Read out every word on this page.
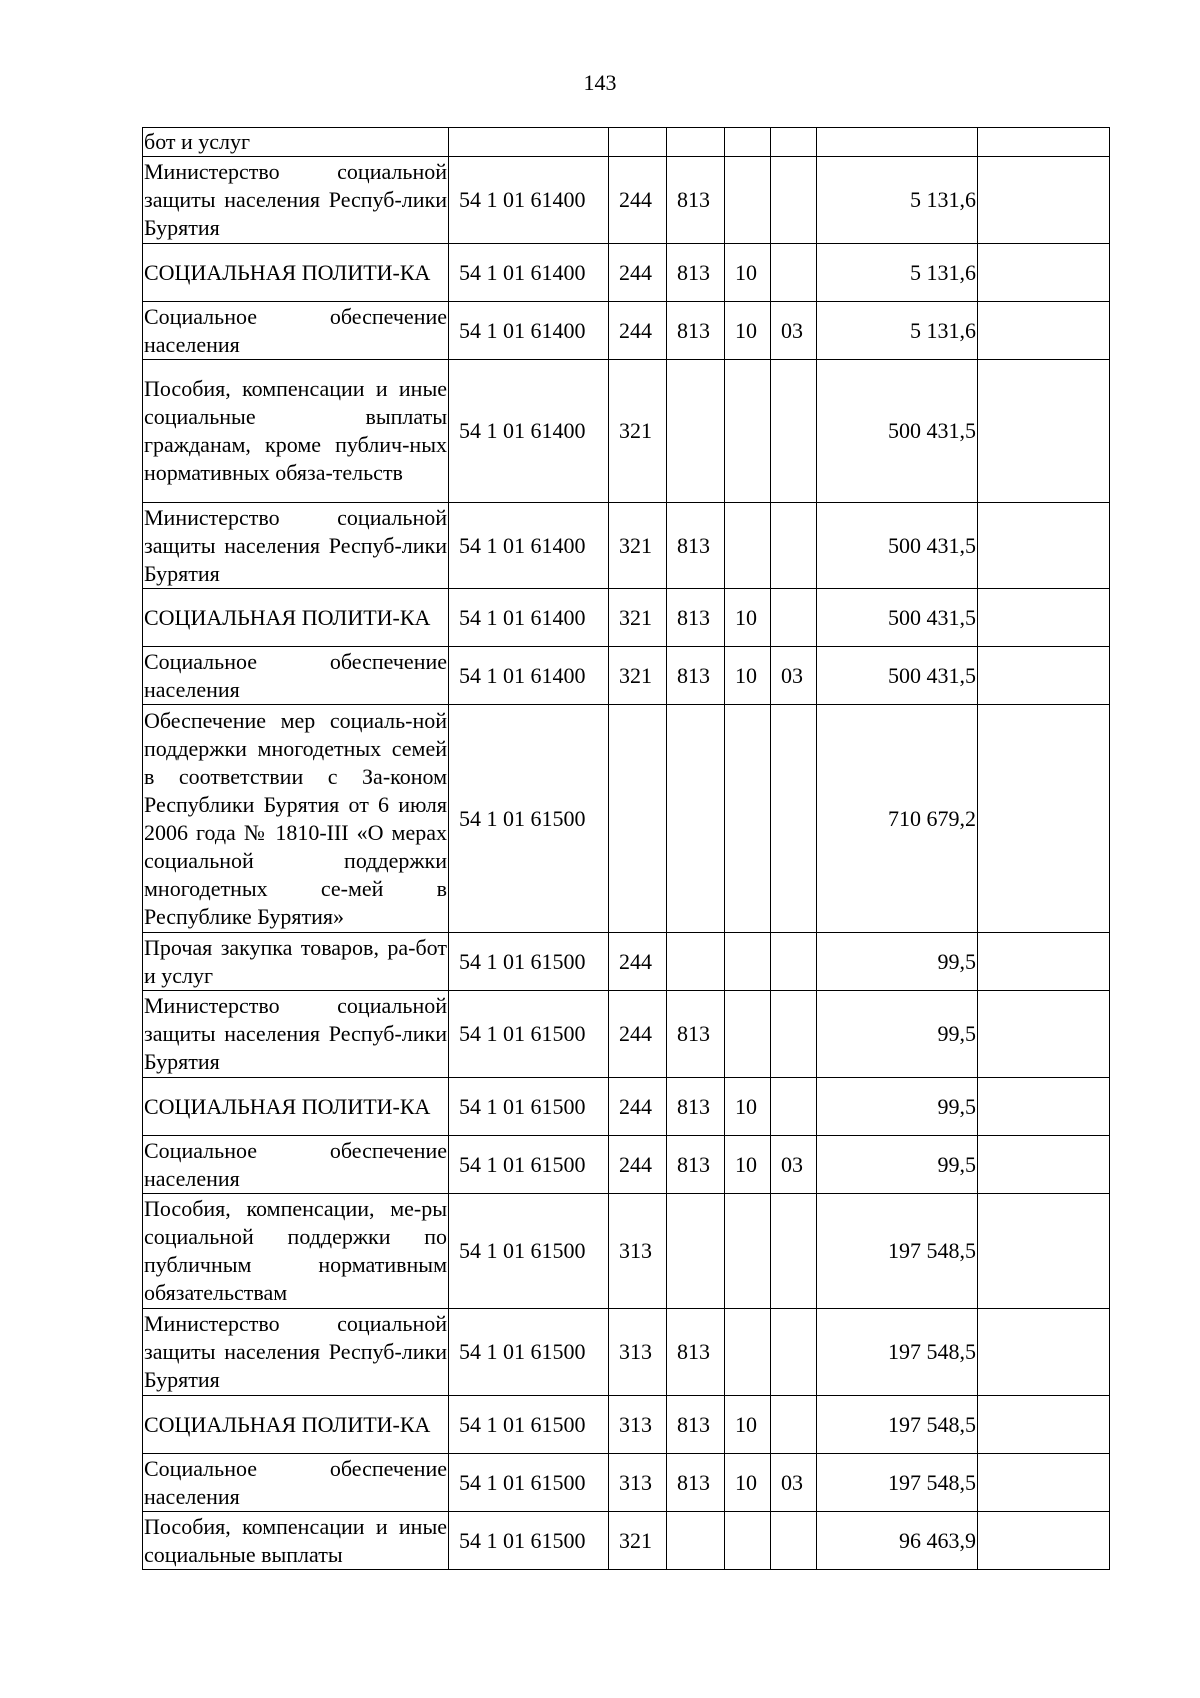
143
бот и услуг							
Министерство социальной защиты населения Респуб-лики Бурятия	54 1 01 61400	244	813			5 131,6	
СОЦИАЛЬНАЯ ПОЛИТИ-КА	54 1 01 61400	244	813	10		5 131,6	
Социальное обеспечение населения	54 1 01 61400	244	813	10	03	5 131,6	
Пособия, компенсации и иные социальные выплаты гражданам, кроме публич-ных нормативных обяза-тельств	54 1 01 61400	321				500 431,5	
Министерство социальной защиты населения Респуб-лики Бурятия	54 1 01 61400	321	813			500 431,5	
СОЦИАЛЬНАЯ ПОЛИТИ-КА	54 1 01 61400	321	813	10		500 431,5	
Социальное обеспечение населения	54 1 01 61400	321	813	10	03	500 431,5	
Обеспечение мер социаль-ной поддержки многодетных семей в соответствии с За-коном Республики Бурятия от 6 июля 2006 года № 1810-III «О мерах социальной поддержки многодетных се-мей в Республике Бурятия»	54 1 01 61500					710 679,2	
Прочая закупка товаров, ра-бот и услуг	54 1 01 61500	244				99,5	
Министерство социальной защиты населения Респуб-лики Бурятия	54 1 01 61500	244	813			99,5	
СОЦИАЛЬНАЯ ПОЛИТИ-КА	54 1 01 61500	244	813	10		99,5	
Социальное обеспечение населения	54 1 01 61500	244	813	10	03	99,5	
Пособия, компенсации, ме-ры социальной поддержки по публичным нормативным обязательствам	54 1 01 61500	313				197 548,5	
Министерство социальной защиты населения Респуб-лики Бурятия	54 1 01 61500	313	813			197 548,5	
СОЦИАЛЬНАЯ ПОЛИТИ-КА	54 1 01 61500	313	813	10		197 548,5	
Социальное обеспечение населения	54 1 01 61500	313	813	10	03	197 548,5	
Пособия, компенсации и иные социальные выплаты	54 1 01 61500	321				96 463,9	
